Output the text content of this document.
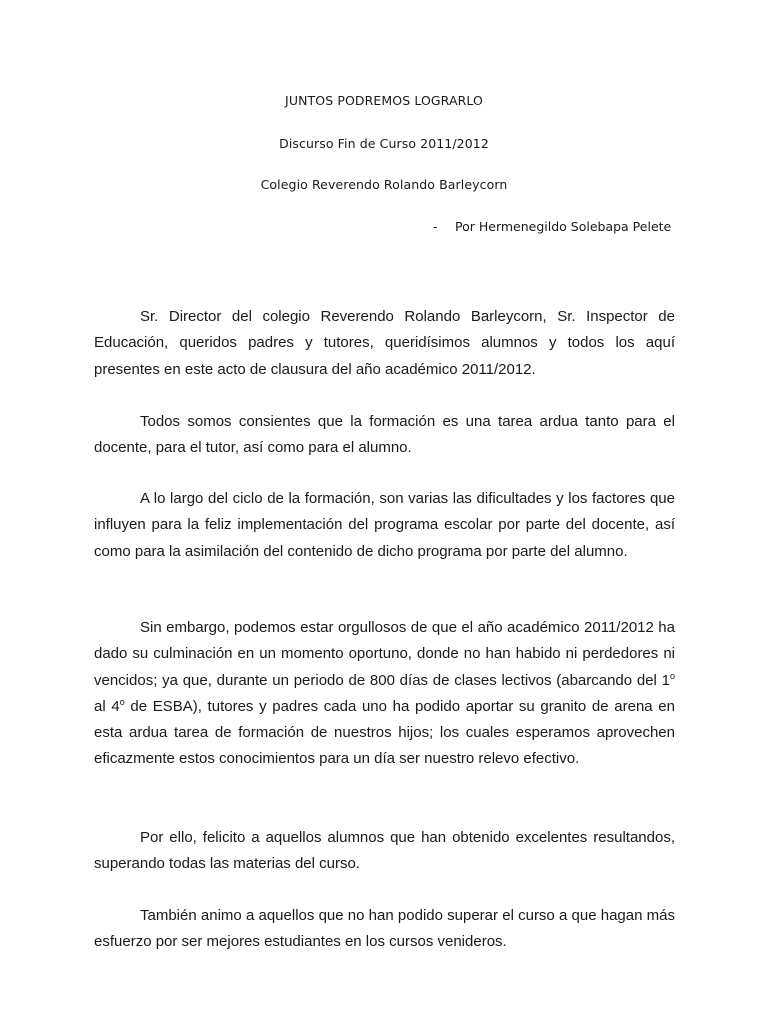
JUNTOS PODREMOS LOGRARLO
Discurso Fin de Curso 2011/2012
Colegio Reverendo Rolando Barleycorn
- Por Hermenegildo Solebapa Pelete

Sr. Director del colegio Reverendo Rolando Barleycorn, Sr. Inspector de Educación, queridos padres y tutores, queridísimos alumnos y todos los aquí presentes en este acto de clausura del año académico 2011/2012.

Todos somos consientes que la formación es una tarea ardua tanto para el docente, para el tutor, así como para el alumno.

A lo largo del ciclo de la formación, son varias las dificultades y los factores que influyen para la feliz implementación del programa escolar por parte del docente, así como para la asimilación del contenido de dicho programa por parte del alumno.

Sin embargo, podemos estar orgullosos de que el año académico 2011/2012 ha dado su culminación en un momento oportuno, donde no han habido ni perdedores ni vencidos; ya que, durante un periodo de 800 días de clases lectivos (abarcando del 1$^o$ al 4$^o$ de ESBA), tutores y padres cada uno ha podido aportar su granito de arena en esta ardua tarea de formación de nuestros hijos; los cuales esperamos aprovechen eficazmente estos conocimientos para un día ser nuestro relevo efectivo.

Por ello, felicito a aquellos alumnos que han obtenido excelentes resultandos, superando todas las materias del curso.

También animo a aquellos que no han podido superar el curso a que hagan más esfuerzo por ser mejores estudiantes en los cursos venideros.
